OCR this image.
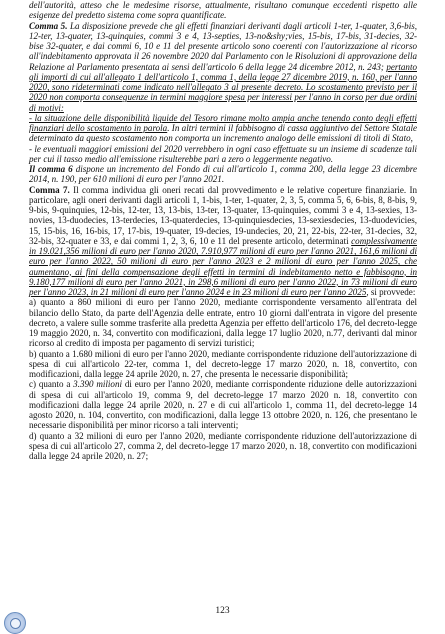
dell'autorità, atteso che le medesime risorse, attualmente, risultano comunque eccedenti rispetto alle esigenze del predetto sistema come sopra quantificate.

Comma 5. La disposizione prevede che gli effetti finanziari derivanti dagli articoli 1-ter, 1-quater, 3,6-bis, 12-ter, 13-quater, 13-quinquies, commi 3 e 4, 13-septies, 13-no&shy;vies, 15-bis, 17-bis, 31-decies, 32-bise 32-quater, e dai commi 6, 10 e 11 del presente articolo sono coerenti con l'autorizzazione al ricorso all'indebitamento approvata il 26 novembre 2020 dal Parlamento con le Risoluzioni di approvazione della Relazione al Parlamento presentata ai sensi dell'articolo 6 della legge 24 dicembre 2012, n. 243; pertanto gli importi di cui all'allegato 1 dell'articolo 1, comma 1, della legge 27 dicembre 2019, n. 160, per l'anno 2020, sono rideterminati come indicato nell'allegato 3 al presente decreto. Lo scostamento previsto per il 2020 non comporta conseguenze in termini maggiore spesa per interessi per l'anno in corso per due ordini di motivi:

- la situazione delle disponibilità liquide del Tesoro rimane molto ampia anche tenendo conto degli effetti finanziari dello scostamento in parola. In altri termini il fabbisogno di cassa aggiuntivo del Settore Statale determinato da questo scostamento non comporta un incremento analogo delle emissioni di titoli di Stato,

- le eventuali maggiori emissioni del 2020 verrebbero in ogni caso effettuate su un insieme di scadenze tali per cui il tasso medio all'emissione risulterebbe pari a zero o leggermente negativo.

Il comma 6 dispone un incremento del Fondo di cui all'articolo 1, comma 200, della legge 23 dicembre 2014, n. 190, per 610 milioni di euro per l'anno 2021.

Comma 7. Il comma individua gli oneri recati dal provvedimento e le relative coperture finanziarie. In particolare, agli oneri derivanti dagli articoli 1, 1-bis, 1-ter, 1-quater, 2, 3, 5, comma 5, 6, 6-bis, 8, 8-bis, 9, 9-bis, 9-quinquies, 12-bis, 12-ter, 13, 13-bis, 13-ter, 13-quater, 13-quinquies, commi 3 e 4, 13-sexies, 13-novies, 13-duodecies, 13-terdecies, 13-quaterdecies, 13-quinquiesdecies, 13-sexiesdecies, 13-duodevicies, 15, 15-bis, 16, 16-bis, 17, 17-bis, 19-quater, 19-decies, 19-undecies, 20, 21, 22-bis, 22-ter, 31-decies, 32, 32-bis, 32-quater e 33, e dai commi 1, 2, 3, 6, 10 e 11 del presente articolo, determinati complessivamente in 19.021,356 milioni di euro per l'anno 2020, 7.910,977 milioni di euro per l'anno 2021, 161,6 milioni di euro per l'anno 2022, 50 milioni di euro per l'anno 2023 e 2 milioni di euro per l'anno 2025, che aumentano, ai fini della compensazione degli effetti in termini di indebitamento netto e fabbisogno, in 9.180,177 milioni di euro per l'anno 2021, in 298,6 milioni di euro per l'anno 2022, in 73 milioni di euro per l'anno 2023, in 21 milioni di euro per l'anno 2024 e in 23 milioni di euro per l'anno 2025, si provvede:

a) quanto a 860 milioni di euro per l'anno 2020, mediante corrispondente versamento all'entrata del bilancio dello Stato, da parte dell'Agenzia delle entrate, entro 10 giorni dall'entrata in vigore del presente decreto, a valere sulle somme trasferite alla predetta Agenzia per effetto dell'articolo 176, del decreto-legge 19 maggio 2020, n. 34, convertito con modificazioni, dalla legge 17 luglio 2020, n.77, derivanti dal minor ricorso al credito di imposta per pagamento di servizi turistici;

b) quanto a 1.680 milioni di euro per l'anno 2020, mediante corrispondente riduzione dell'autorizzazione di spesa di cui all'articolo 22-ter, comma 1, del decreto-legge 17 marzo 2020, n. 18, convertito, con modificazioni, dalla legge 24 aprile 2020, n. 27, che presenta le necessarie disponibilità;

c) quanto a 3.390 milioni di euro per l'anno 2020, mediante corrispondente riduzione delle autorizzazioni di spesa di cui all'articolo 19, comma 9, del decreto-legge 17 marzo 2020 n. 18, convertito con modificazioni dalla legge 24 aprile 2020, n. 27 e di cui all'articolo 1, comma 11, del decreto-legge 14 agosto 2020, n. 104, convertito, con modificazioni, dalla legge 13 ottobre 2020, n. 126, che presentano le necessarie disponibilità per minor ricorso a tali interventi;

d) quanto a 32 milioni di euro per l'anno 2020, mediante corrispondente riduzione dell'autorizzazione di spesa di cui all'articolo 27, comma 2, del decreto-legge 17 marzo 2020, n. 18, convertito con modificazioni dalla legge 24 aprile 2020, n. 27;

123
